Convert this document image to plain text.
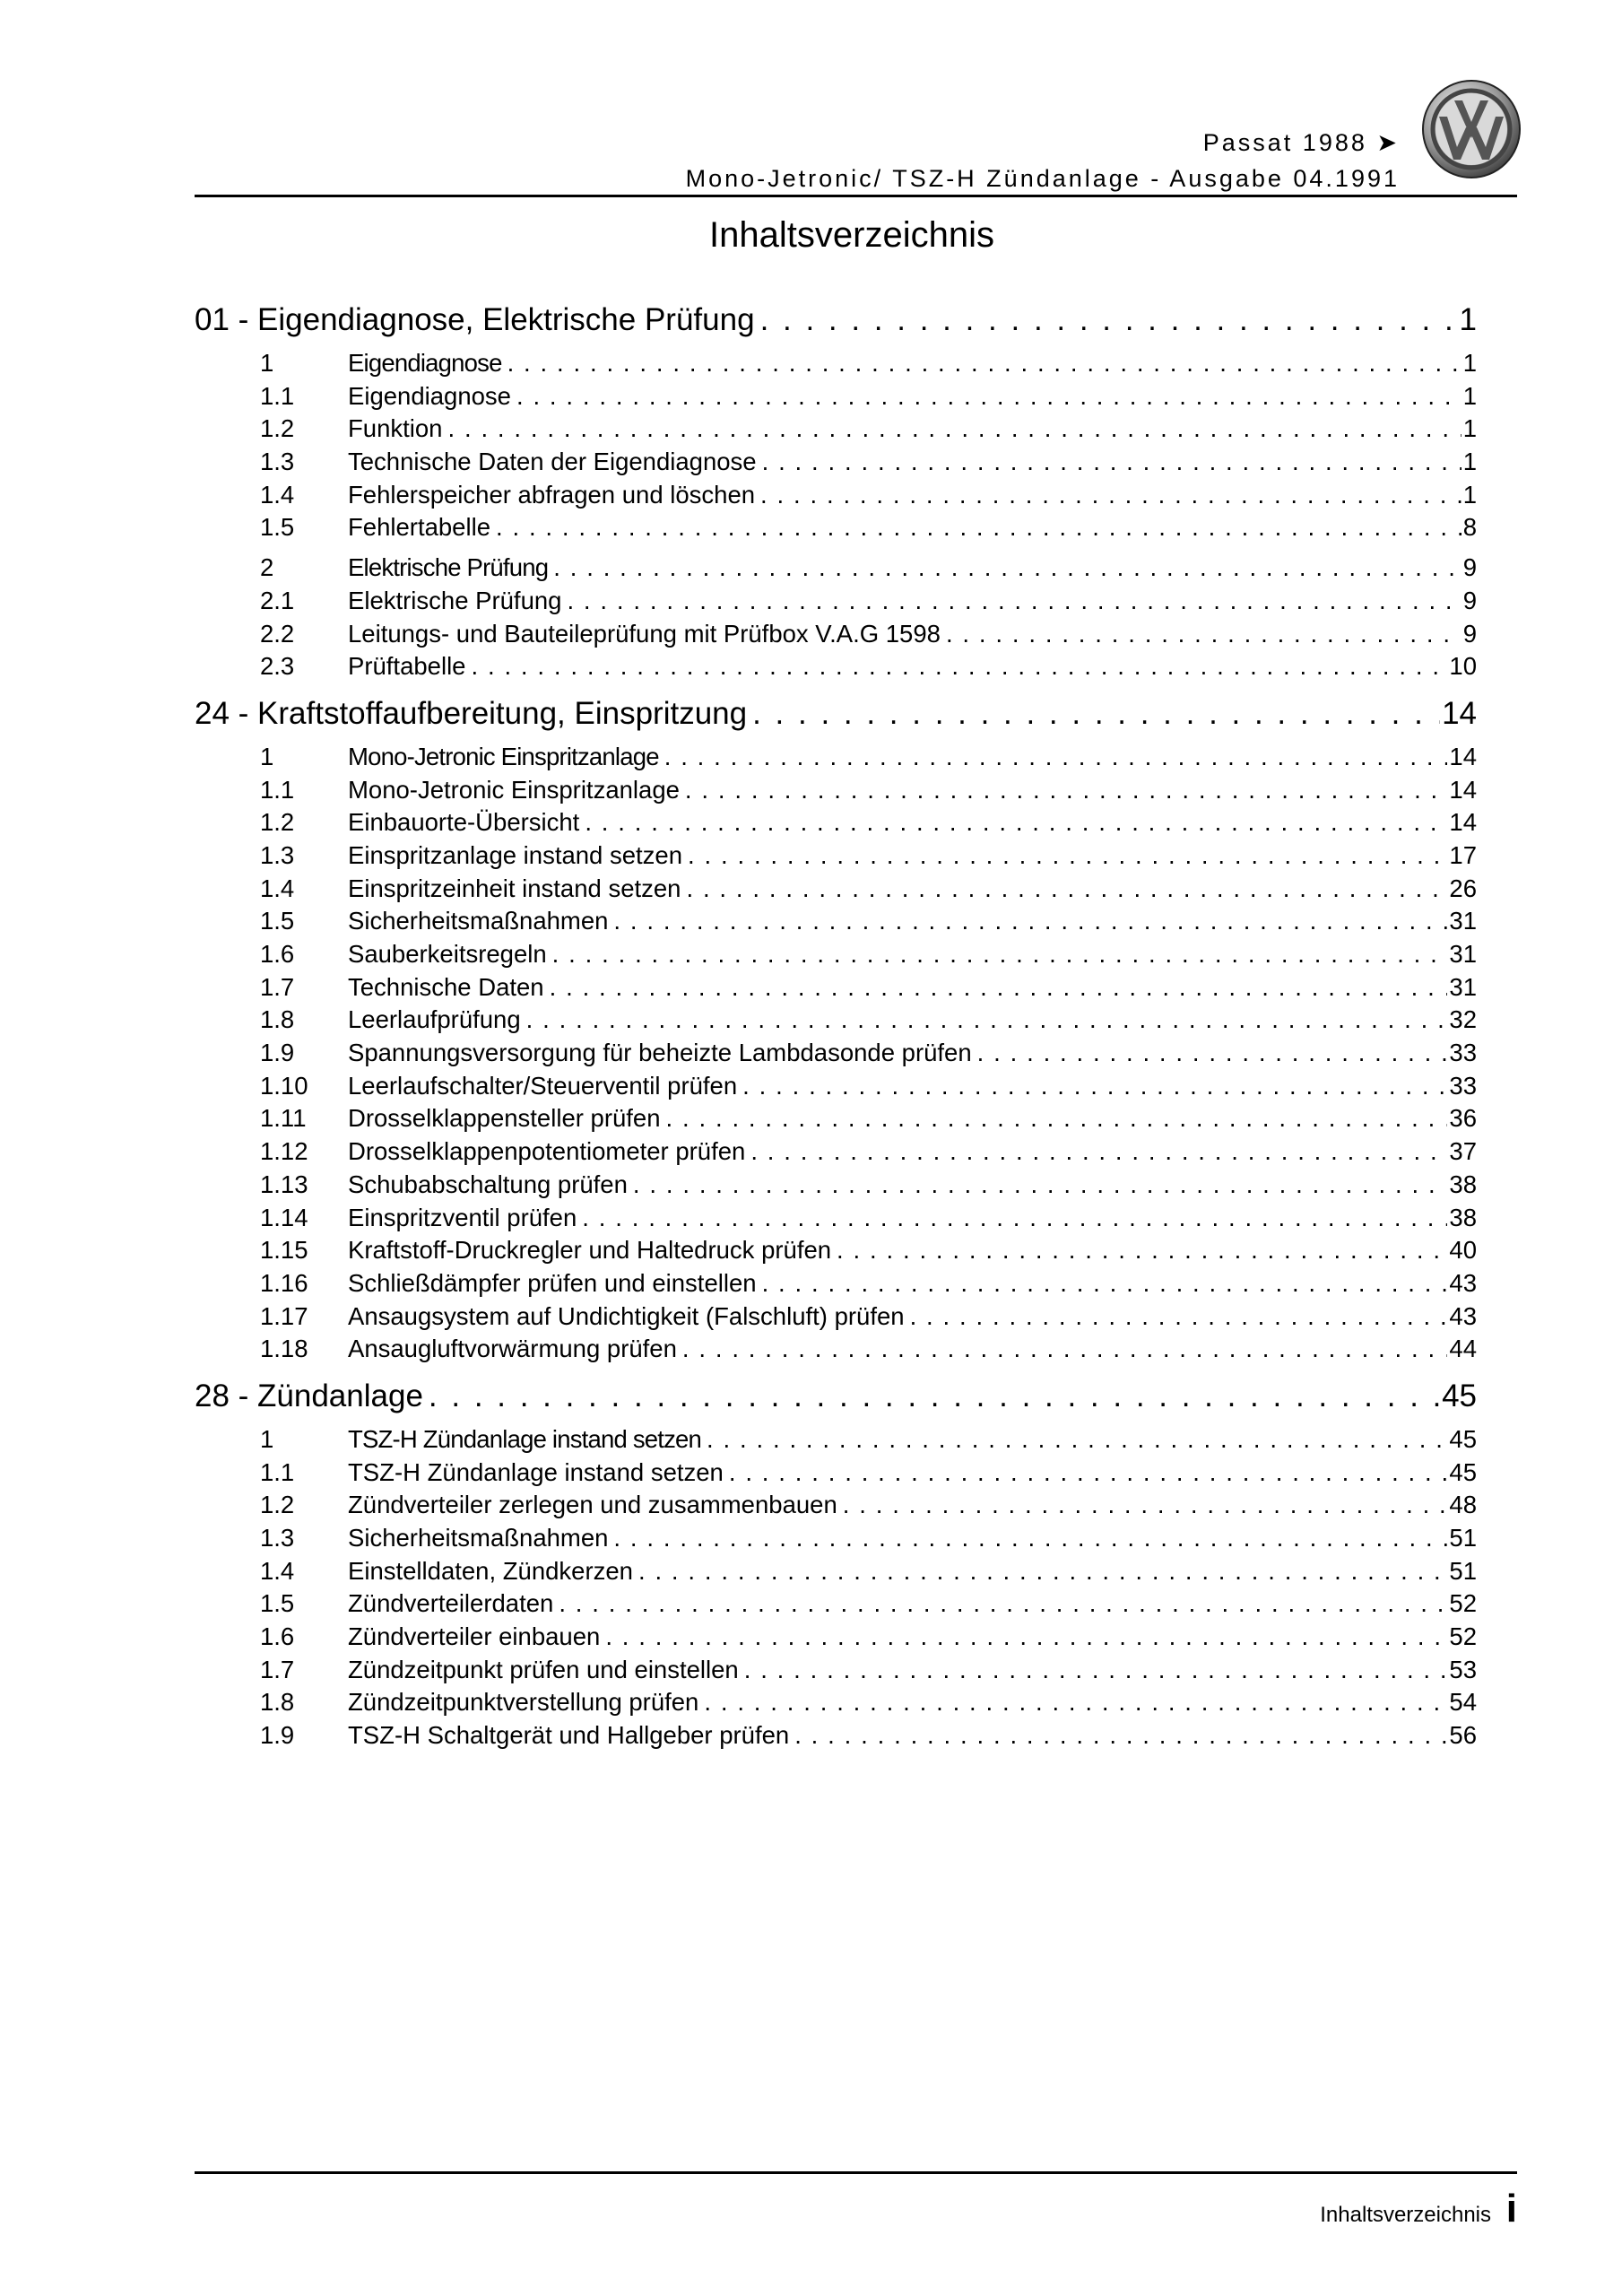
Passat 1988 ➤
Mono-Jetronic/ TSZ-H Zündanlage - Ausgabe 04.1991
Inhaltsverzeichnis
01 - Eigendiagnose, Elektrische Prüfung . . .	1
1	Eigendiagnose . . .	1
1.1	Eigendiagnose . . .	1
1.2	Funktion . . .	1
1.3	Technische Daten der Eigendiagnose . . .	1
1.4	Fehlerspeicher abfragen und löschen . . .	1
1.5	Fehlertabelle . . .	8
2	Elektrische Prüfung . . .	9
2.1	Elektrische Prüfung . . .	9
2.2	Leitungs- und Bauteileprüfung mit Prüfbox V.A.G 1598 . . .	9
2.3	Prüftabelle . . .	10
24 - Kraftstoffaufbereitung, Einspritzung . . .	14
1	Mono-Jetronic Einspritzanlage . . .	14
1.1	Mono-Jetronic Einspritzanlage . . .	14
1.2	Einbauorte-Übersicht . . .	14
1.3	Einspritzanlage instand setzen . . .	17
1.4	Einspritzeinheit instand setzen . . .	26
1.5	Sicherheitsmaßnahmen . . .	31
1.6	Sauberkeitsregeln . . .	31
1.7	Technische Daten . . .	31
1.8	Leerlaufprüfung . . .	32
1.9	Spannungsversorgung für beheizte Lambdasonde prüfen . . .	33
1.10	Leerlaufschalter/Steuerventil prüfen . . .	33
1.11	Drosselklappensteller prüfen . . .	36
1.12	Drosselklappenpotentiometer prüfen . . .	37
1.13	Schubabschaltung prüfen . . .	38
1.14	Einspritzventil prüfen . . .	38
1.15	Kraftstoff-Druckregler und Haltedruck prüfen . . .	40
1.16	Schließdämpfer prüfen und einstellen . . .	43
1.17	Ansaugsystem auf Undichtigkeit (Falschluft) prüfen . . .	43
1.18	Ansaugluftvorwärmung prüfen . . .	44
28 - Zündanlage . . .	45
1	TSZ-H Zündanlage instand setzen . . .	45
1.1	TSZ-H Zündanlage instand setzen . . .	45
1.2	Zündverteiler zerlegen und zusammenbauen . . .	48
1.3	Sicherheitsmaßnahmen . . .	51
1.4	Einstelldaten, Zündkerzen . . .	51
1.5	Zündverteilerdaten . . .	52
1.6	Zündverteiler einbauen . . .	52
1.7	Zündzeitpunkt prüfen und einstellen . . .	53
1.8	Zündzeitpunktverstellung prüfen . . .	54
1.9	TSZ-H Schaltgerät und Hallgeber prüfen . . .	56
Inhaltsverzeichnis i
